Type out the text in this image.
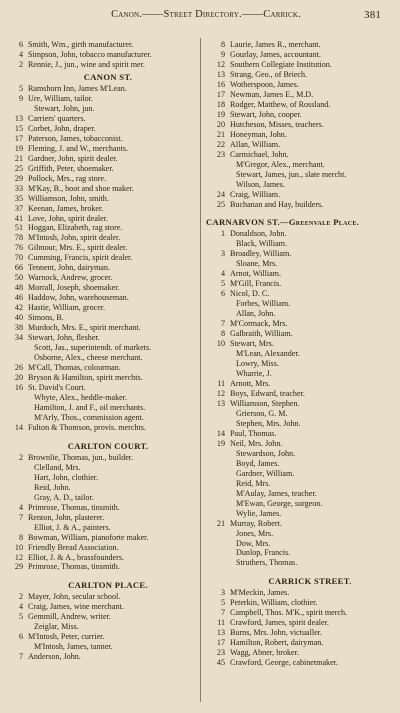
Canon.——Street Directory.——Carrick.	381
6 Smith, Wm., girth manufacturer.
4 Simpson, John, tobacco manufacturer.
2 Rennie, J., jun., wine and spirit mer.
CANON ST.
5 Ramshorn Inn, James M'Lean.
9 Ure, William, tailor.
Stewart, John, jun.
13 Carriers' quarters.
15 Corbet, John, draper.
17 Paterson, James, tobacconist.
19 Fleming, J. and W., merchants.
21 Gardner, John, spirit dealer.
25 Griffith, Peter, shoemaker.
29 Pollock, Mrs., rag store.
33 M'Kay, B., boot and shoe maker.
35 Williamson, John, smith.
37 Keenan, James, broker.
41 Love, John, spirit dealer.
51 Hoggan, Elizabeth, rag store.
78 M'Intosh, John, spirit dealer.
76 Gilmour, Mrs. E., spirit dealer.
70 Cumming, Francis, spirit dealer.
66 Tennent, John, dairyman.
50 Warnock, Andrew, grocer.
48 Morrall, Joseph, shoemaker.
46 Haddow, John, warehouseman.
42 Hastie, William, grocer.
40 Simons, B.
38 Murdoch, Mrs. E., spirit merchant.
34 Stewart, John, flesher.
Scott, Jas., superintendt. of markets.
Osborne, Alex., cheese merchant.
26 M'Call, Thomas, colourman.
20 Bryson & Hamilton, spirit merchts.
16 St. David's Court.
Whyte, Alex., heddle-maker.
Hamilton, J. and F., oil merchants.
M'Arly, Thos., commission agent.
14 Fulton & Thomson, provis. merchts.
CARLTON COURT.
2 Brownlie, Thomas, jun., builder.
Clelland, Mrs.
Hart, John, clothier.
Reid, John.
Gray, A. D., tailor.
4 Primrose, Thomas, tinsmith.
7 Renton, John, plasterer.
Elliot, J. & A., painters.
8 Bowman, William, pianoforte maker.
10 Friendly Bread Association.
12 Elliot, J. & A., brassfounders.
29 Primrose, Thomas, tinsmith.
CARLTON PLACE.
2 Mayer, John, secular school.
4 Craig, James, wine merchant.
5 Gemmill, Andrew, writer.
Zeiglar, Miss.
6 M'Intosh, Peter, currier.
M'Intosh, James, tanner.
7 Anderson, John.
8 Laurie, James R., merchant.
9 Gourlay, James, accountant.
12 Southern Collegiate Institution.
13 Strang, Geo., of Briech.
16 Wotherspoon, James.
17 Newman, James E., M.D.
18 Rodger, Matthew, of Rossland.
19 Stewart, John, cooper.
20 Hutcheson, Misses, teachers.
21 Honeyman, John.
22 Allan, William.
23 Carmichael, John.
M'Gregor, Alex., merchant.
Stewart, James, jun., slate mercht.
Wilson, James.
24 Craig, William.
25 Buchanan and Hay, builders.
CARNARVON ST.—Greenvale Place.
1 Donaldson, John.
Black, William.
3 Broadley, William.
Sloane, Mrs.
4 Arnot, William.
5 M'Gill, Francis.
6 Nicol, D. C.
Forbes, William.
Allan, John.
7 M'Cormack, Mrs.
8 Galbraith, William.
10 Stewart, Mrs.
M'Lean, Alexander.
Lowry, Miss.
Wharrie, J.
11 Arnott, Mrs.
12 Boys, Edward, teacher.
13 Williamson, Stephen.
Grierson, G. M.
Stephen, Mrs. John.
14 Paul, Thomas.
19 Neil, Mrs. John.
Stewardson, John.
Boyd, James.
Gardner, William.
Reid, Mrs.
M'Aulay, James, teacher.
M'Ewan, George, surgeon.
Wylie, James.
21 Murray, Robert.
Jones, Mrs.
Dow, Mrs.
Dunlop, Francis.
Struthers, Thomas.
CARRICK STREET.
3 M'Meckin, James.
5 Peterkin, William, clothier.
7 Campbell, Thos. M'K., spirit merch.
11 Crawford, James, spirit dealer.
13 Burns, Mrs. John, victualler.
17 Hamilton, Robert, dairyman.
23 Wagg, Abner, broker.
45 Crawford, George, cabinetmaker.
